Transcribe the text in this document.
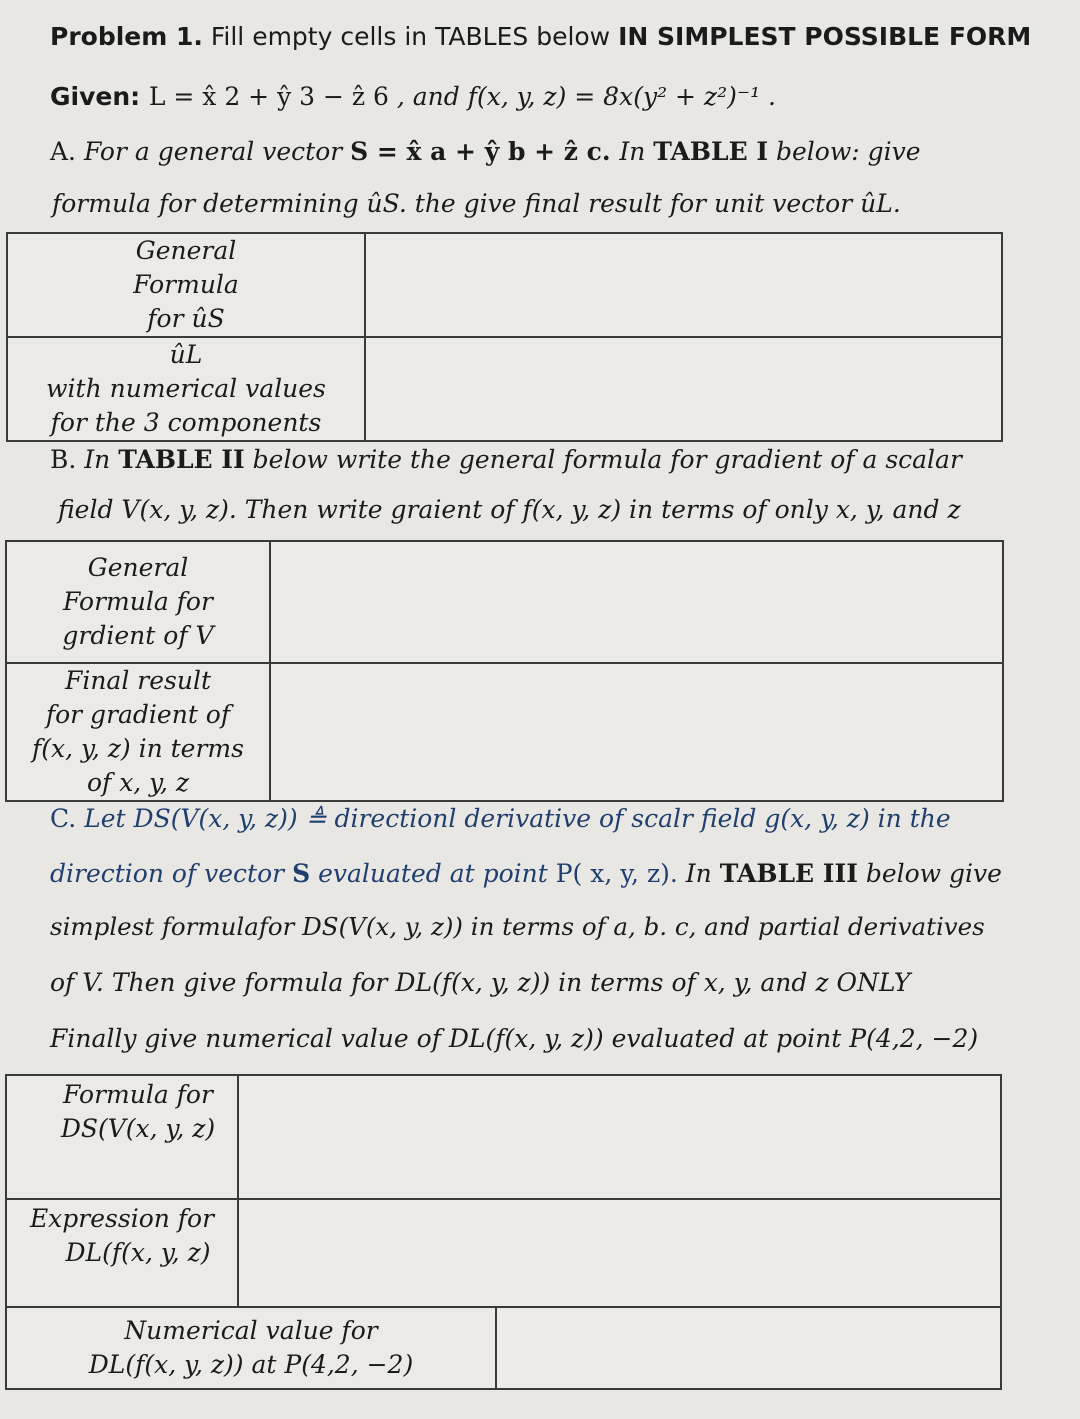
Problem 1. Fill empty cells in TABLES below IN SIMPLEST POSSIBLE FORM
Given: L = x̂ 2 + ŷ 3 − ẑ 6 , and f(x, y, z) = 8x(y² + z²)⁻¹ .
A. For a general vector S = x̂ a + ŷ b + ẑ c. In TABLE I below: give
formula for determining ûS. the give final result for unit vector ûL.
General
Formula
for ûS	

ûL
with numerical values
for the 3 components	

B. In TABLE II below write the general formula for gradient of a scalar
field V(x, y, z). Then write graient of f(x, y, z) in terms of only x, y, and z
General
Formula for
grdient of V	

Final result
for gradient of
f(x, y, z) in terms
of x, y, z	

C. Let DS(V(x, y, z)) ≜ directionl derivative of scalr field g(x, y, z) in the
direction of vector S evaluated at point P( x, y, z). In TABLE III below give
simplest formulafor DS(V(x, y, z)) in terms of a, b. c, and partial derivatives
of V. Then give formula for DL(f(x, y, z)) in terms of x, y, and z ONLY
Finally give numerical value of DL(f(x, y, z)) evaluated at point P(4,2, −2)
Formula for
DS(V(x, y, z)		

Expression for
DL(f(x, y, z)		

Numerical value for
DL(f(x, y, z)) at P(4,2, −2)		
